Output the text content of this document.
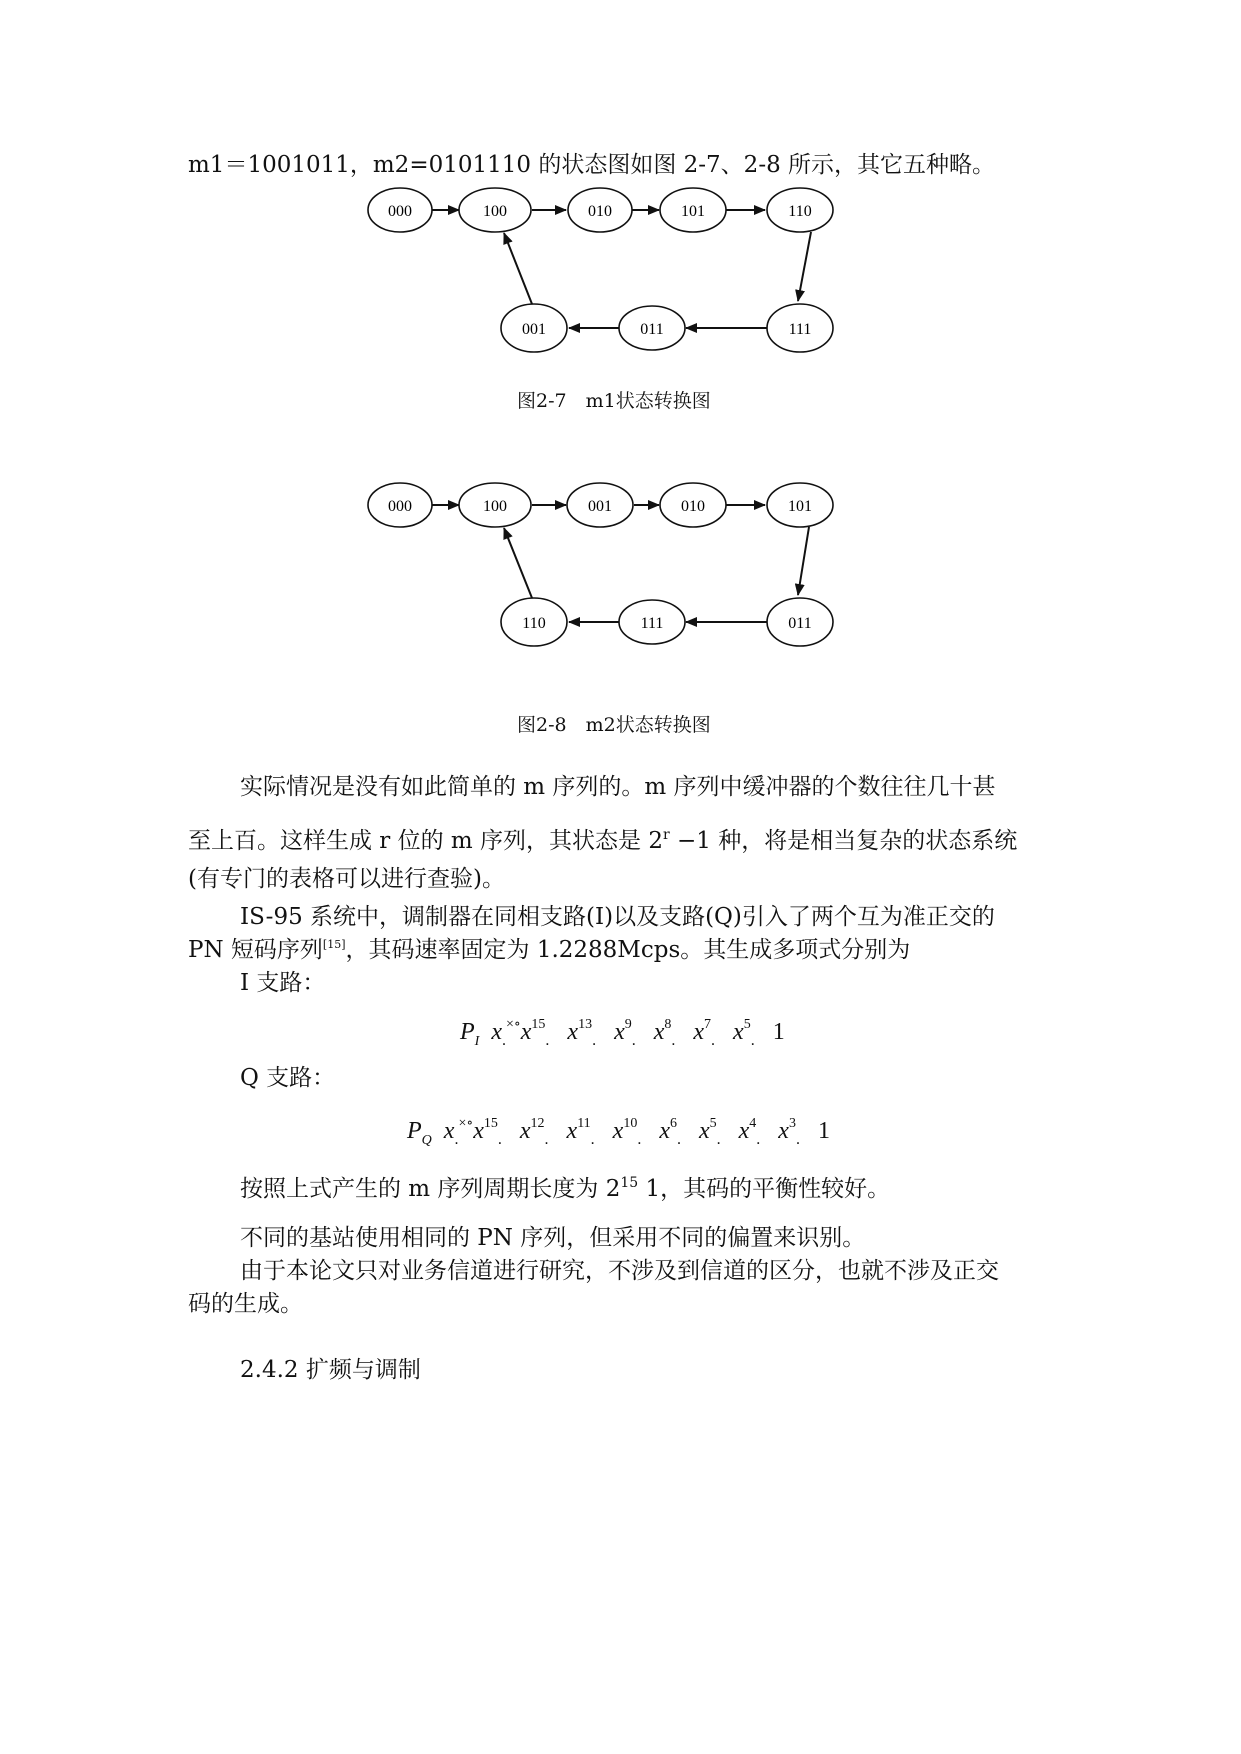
m1＝1001011，m2=0101110 的状态图如图 2-7、2-8 所示，其它五种略。
000	100	010	101	110
111
011
001
000	100	001	010	101
011
111
110
图2-7　m1状态转换图
图2-8　m2状态转换图
实际情况是没有如此简单的 m 序列的。m 序列中缓冲器的个数往往几十甚
至上百。这样生成 r 位的 m 序列，其状态是 $2^r -1$ 种，将是相当复杂的状态系统
(有专门的表格可以进行查验)。
IS-95 系统中，调制器在同相支路(I)以及支路(Q)引入了两个互为准正交的
PN 短码序列[15]，其码速率固定为 1.2288Mcps。其生成多项式分别为
I 支路：
$P_I$ $x_.^{\times\circ}x^{15}_.$ $x^{13}_.$ $x^9_.$ $x^8_.$ $x^7_.$ $x^5_.$ 1
Q 支路：
$P_Q$ $x_.^{\times\circ}x^{15}_.$ $x^{12}_.$ $x^{11}_.$ $x^{10}_.$ $x^6_.$ $x^5_.$ $x^4_.$ $x^3_.$ 1
按照上式产生的 m 序列周期长度为 $2^{15}$ 1，其码的平衡性较好。
不同的基站使用相同的 PN 序列，但采用不同的偏置来识别。
由于本论文只对业务信道进行研究，不涉及到信道的区分，也就不涉及正交
码的生成。
2.4.2 扩频与调制
